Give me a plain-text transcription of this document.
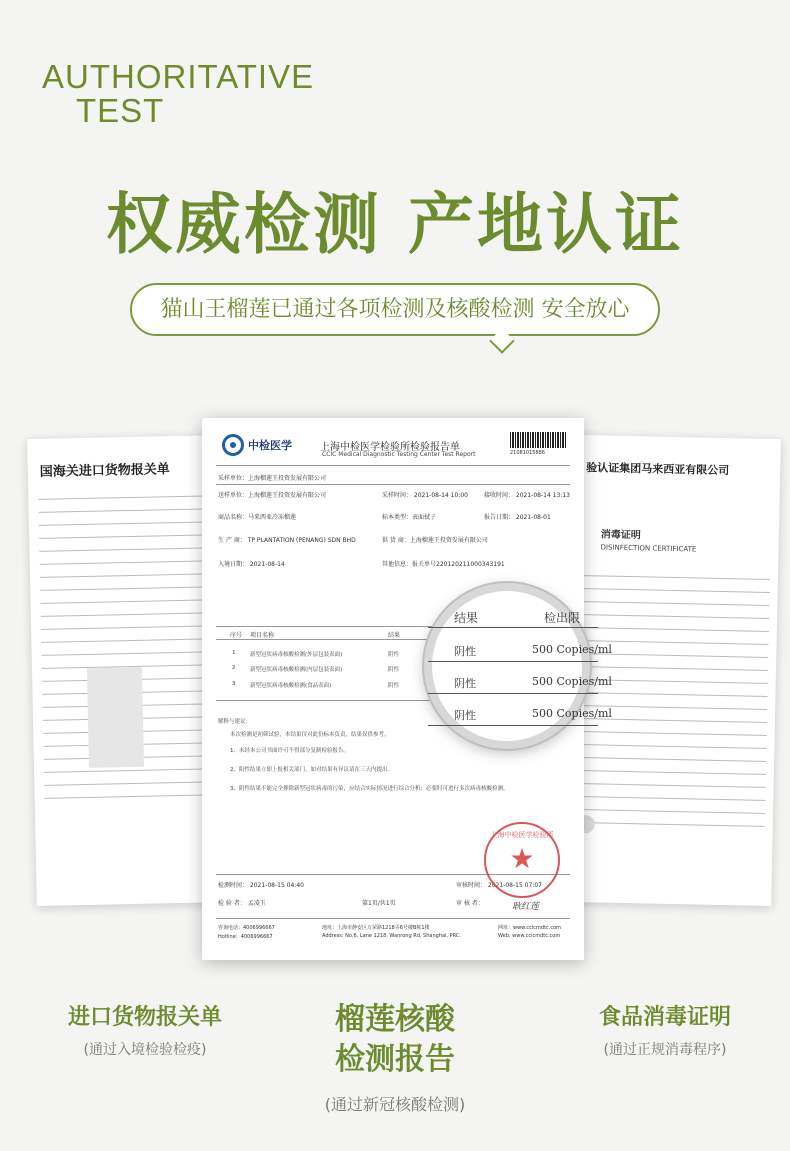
AUTHORITATIVE
TEST
权威检测 产地认证
猫山王榴莲已通过各项检测及核酸检测 安全放心
国海关进口货物报关单	验认证集团马来西亚有限公司
消毒证明
DISINFECTION CERTIFICATE
中检医学	上海中检医学检验所检验报告单
CCIC Medical Diagnostic Testing Center Test Report	21081015886
采样单位：上海榴莲王投资发展有限公司
送样单位：上海榴莲王投资发展有限公司	采样时间： 2021-08-14 10:00	接收时间： 2021-08-14 13:13
商品名称：马来西亚冷冻榴莲	标本类型：表面拭子	报告日期： 2021-08-01
生 产 商： TP PLANTATION (PENANG) SDN BHD	供 货 商：上海榴莲王投资发展有限公司
入境日期： 2021-08-14	其他信息：报关单号220120211000343191
序号 项目名称	结果
1	新型冠状病毒核酸检测(外层包装表面)	阴性
2	新型冠状病毒核酸检测(内层包装表面)	阴性
3	新型冠状病毒核酸检测(食品表面)	阴性
解释与建议：
本次检测是初筛试验，本结果仅对此份标本负责，结果仅供参考。
1、未经本公司书面许可不得部分复制检验报告。
2、阳性结果立即上报相关部门，如对结果有异议请在三天内提出。
3、阴性结果不能完全排除新型冠状病毒的污染，应结合实际情况进行综合分析；必要时可进行多次病毒核酸检测。
检测时间： 2021-08-15 04:40	审核时间： 2021-08-15 07:07
检 验 者： 孟凌玉	第1页/共1页	审 核 者：
上海中检医学检验所
★
耿红莲
咨询电话：4006996667
Hotline：4006996667
地址：上海市静安区万荣路1218弄6号楼B栋1楼
Address: No.6, Lane 1218, Wanrong Rd, Shanghai, PRC.
网址：www.ccicmdtc.com
Web: www.ccicmdtc.com
结果	检出限
阴性	500 Copies/ml
阴性	500 Copies/ml
阴性	500 Copies/ml
进口货物报关单
(通过入境检验检疫)
榴莲核酸
检测报告
(通过新冠核酸检测)
食品消毒证明
(通过正规消毒程序)
